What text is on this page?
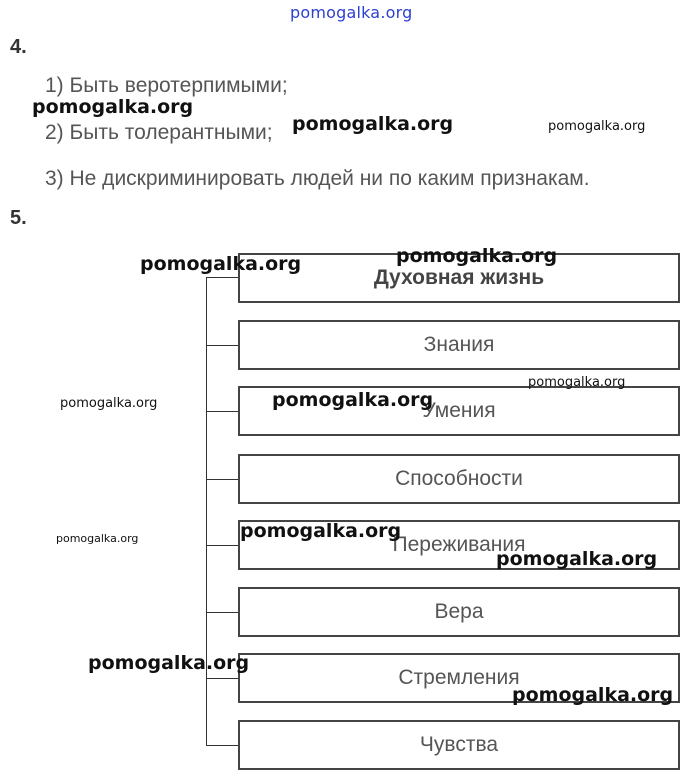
pomogalka.org
4.
1) Быть веротерпимыми;
2) Быть толерантными;
3) Не дискриминировать людей ни по каким признакам.
5.
Духовная жизнь
Знания
Умения
Способности
Переживания
Вера
Стремления
Чувства
pomogalka.org
pomogalka.org	pomogalka.org
pomogalka.org
pomogalka.org
pomogalka.org
pomogalka.org
pomogalka.org
pomogalka.org
pomogalka.org
pomogalka.org
pomogalka.org
pomogalka.org
